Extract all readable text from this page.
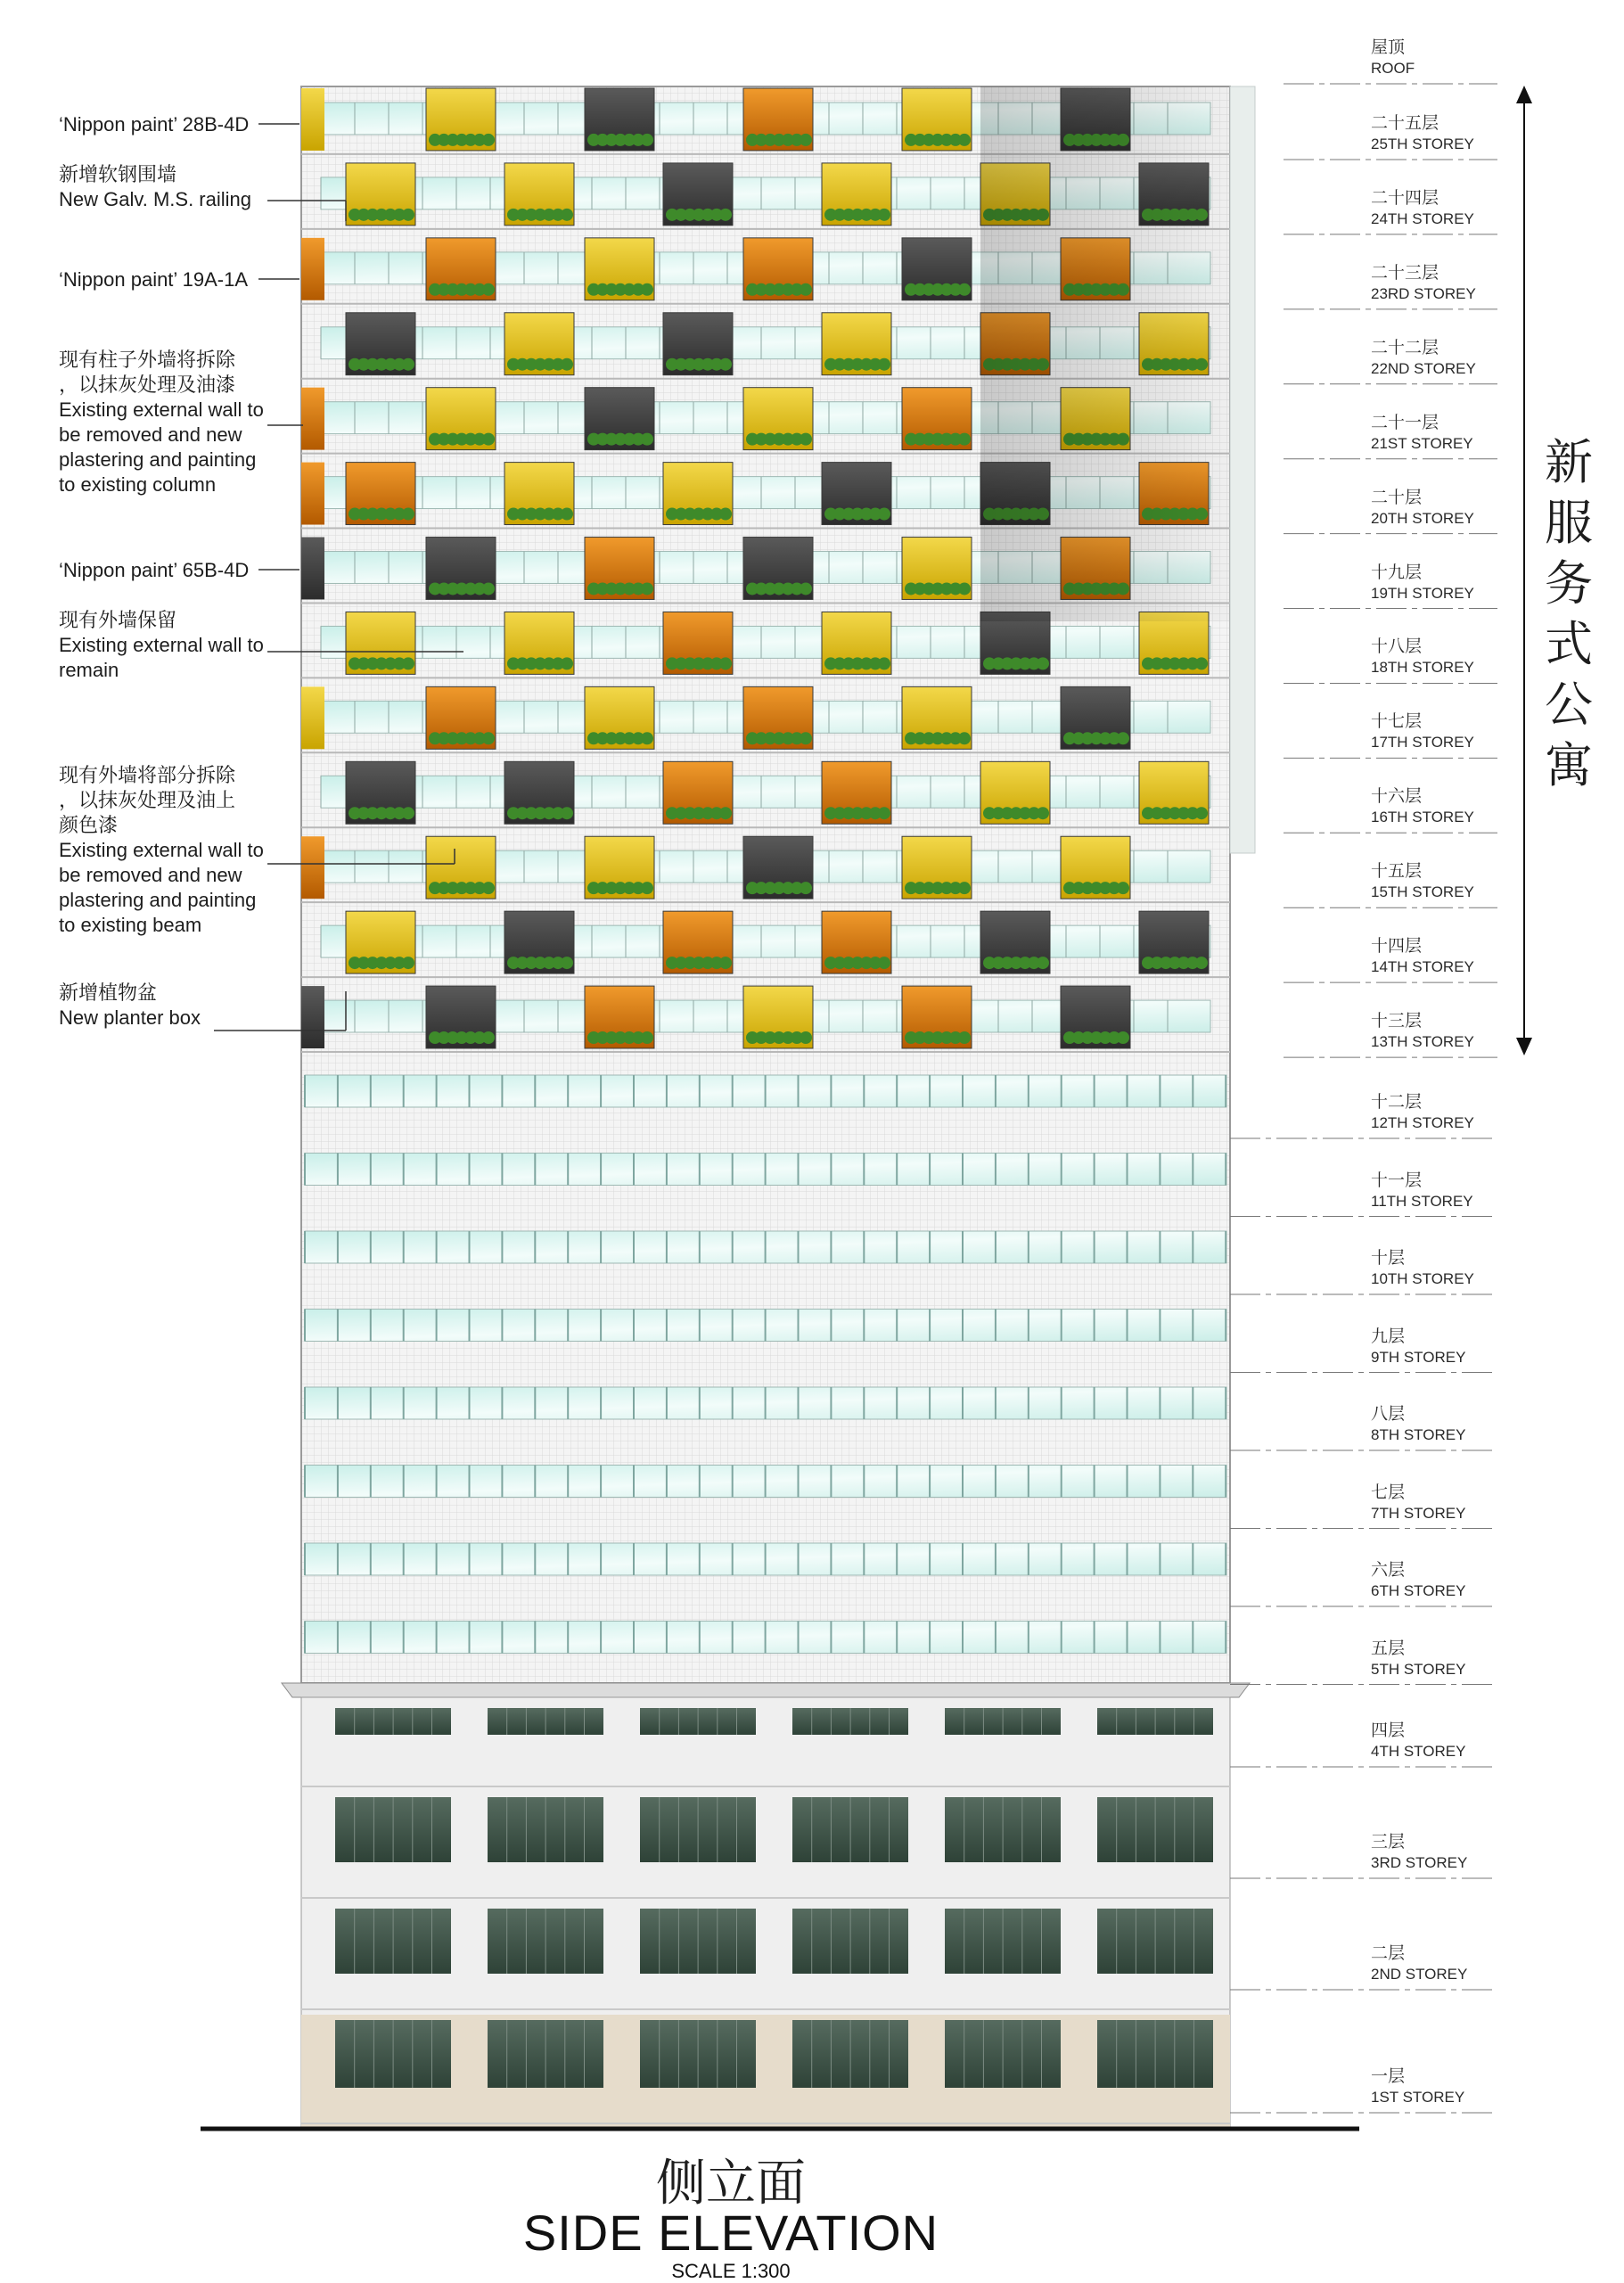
‘Nippon paint’ 28B-4D
新增软钢围墙
New Galv. M.S. railing
‘Nippon paint’ 19A-1A
现有柱子外墙将拆除
，以抹灰处理及油漆
Existing external wall to
be removed and new
plastering and painting
to existing column
‘Nippon paint’ 65B-4D
现有外墙保留
Existing external wall to
remain
现有外墙将部分拆除
，以抹灰处理及油上
颜色漆
Existing external wall to
be removed and new
plastering and painting
to existing beam
新增植物盆
New planter box
屋顶
ROOF
二十五层
25TH STOREY
二十四层
24TH STOREY
二十三层
23RD STOREY
二十二层
22ND STOREY
二十一层
21ST STOREY
二十层
20TH STOREY
十九层
19TH STOREY
十八层
18TH STOREY
十七层
17TH STOREY
十六层
16TH STOREY
十五层
15TH STOREY
十四层
14TH STOREY
十三层
13TH STOREY
十二层
12TH STOREY
十一层
11TH STOREY
十层
10TH STOREY
九层
9TH STOREY
八层
8TH STOREY
七层
7TH STOREY
六层
6TH STOREY
五层
5TH STOREY
四层
4TH STOREY
三层
3RD STOREY
二层
2ND STOREY
一层
1ST STOREY
新
服
务
式
公
寓
侧立面
SIDE ELEVATION
SCALE 1:300
